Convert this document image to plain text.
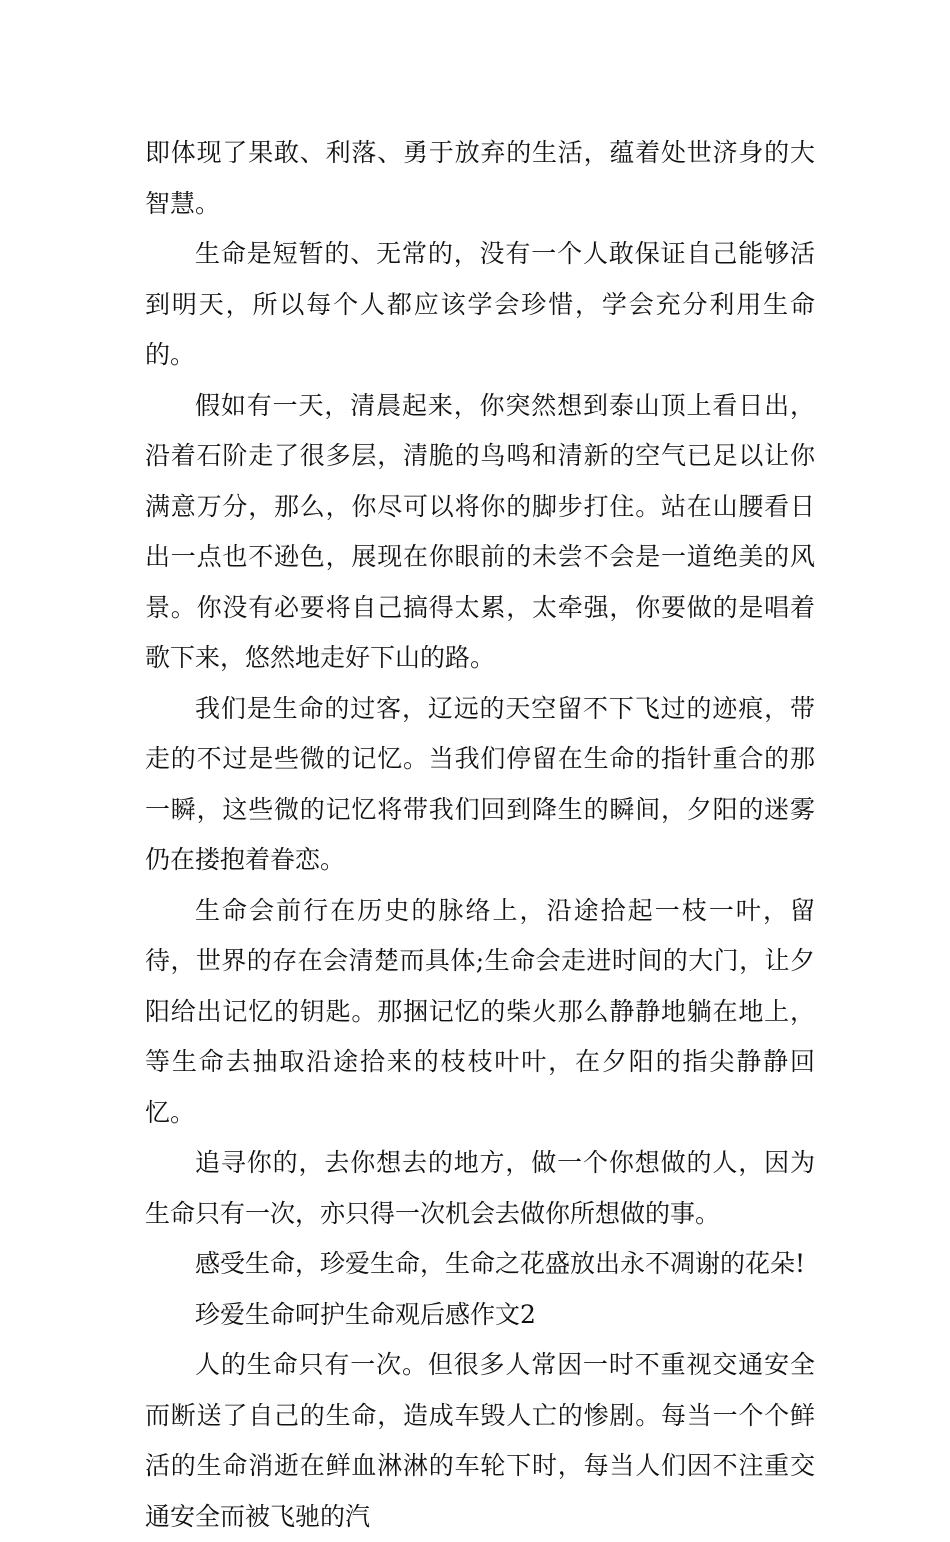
即体现了果敢、利落、勇于放弃的生活，蕴着处世济身的大智慧。

生命是短暂的、无常的，没有一个人敢保证自己能够活到明天，所以每个人都应该学会珍惜，学会充分利用生命的。

假如有一天，清晨起来，你突然想到泰山顶上看日出，沿着石阶走了很多层，清脆的鸟鸣和清新的空气已足以让你满意万分，那么，你尽可以将你的脚步打住。站在山腰看日出一点也不逊色，展现在你眼前的未尝不会是一道绝美的风景。你没有必要将自己搞得太累，太牵强，你要做的是唱着歌下来，悠然地走好下山的路。

我们是生命的过客，辽远的天空留不下飞过的迹痕，带走的不过是些微的记忆。当我们停留在生命的指针重合的那一瞬，这些微的记忆将带我们回到降生的瞬间，夕阳的迷雾仍在搂抱着眷恋。

生命会前行在历史的脉络上，沿途拾起一枝一叶，留待，世界的存在会清楚而具体;生命会走进时间的大门，让夕阳给出记忆的钥匙。那捆记忆的柴火那么静静地躺在地上，等生命去抽取沿途拾来的枝枝叶叶，在夕阳的指尖静静回忆。

追寻你的，去你想去的地方，做一个你想做的人，因为生命只有一次，亦只得一次机会去做你所想做的事。

感受生命，珍爱生命，生命之花盛放出永不凋谢的花朵!

珍爱生命呵护生命观后感作文2

人的生命只有一次。但很多人常因一时不重视交通安全而断送了自己的生命，造成车毁人亡的惨剧。每当一个个鲜活的生命消逝在鲜血淋淋的车轮下时，每当人们因不注重交通安全而被飞驰的汽
